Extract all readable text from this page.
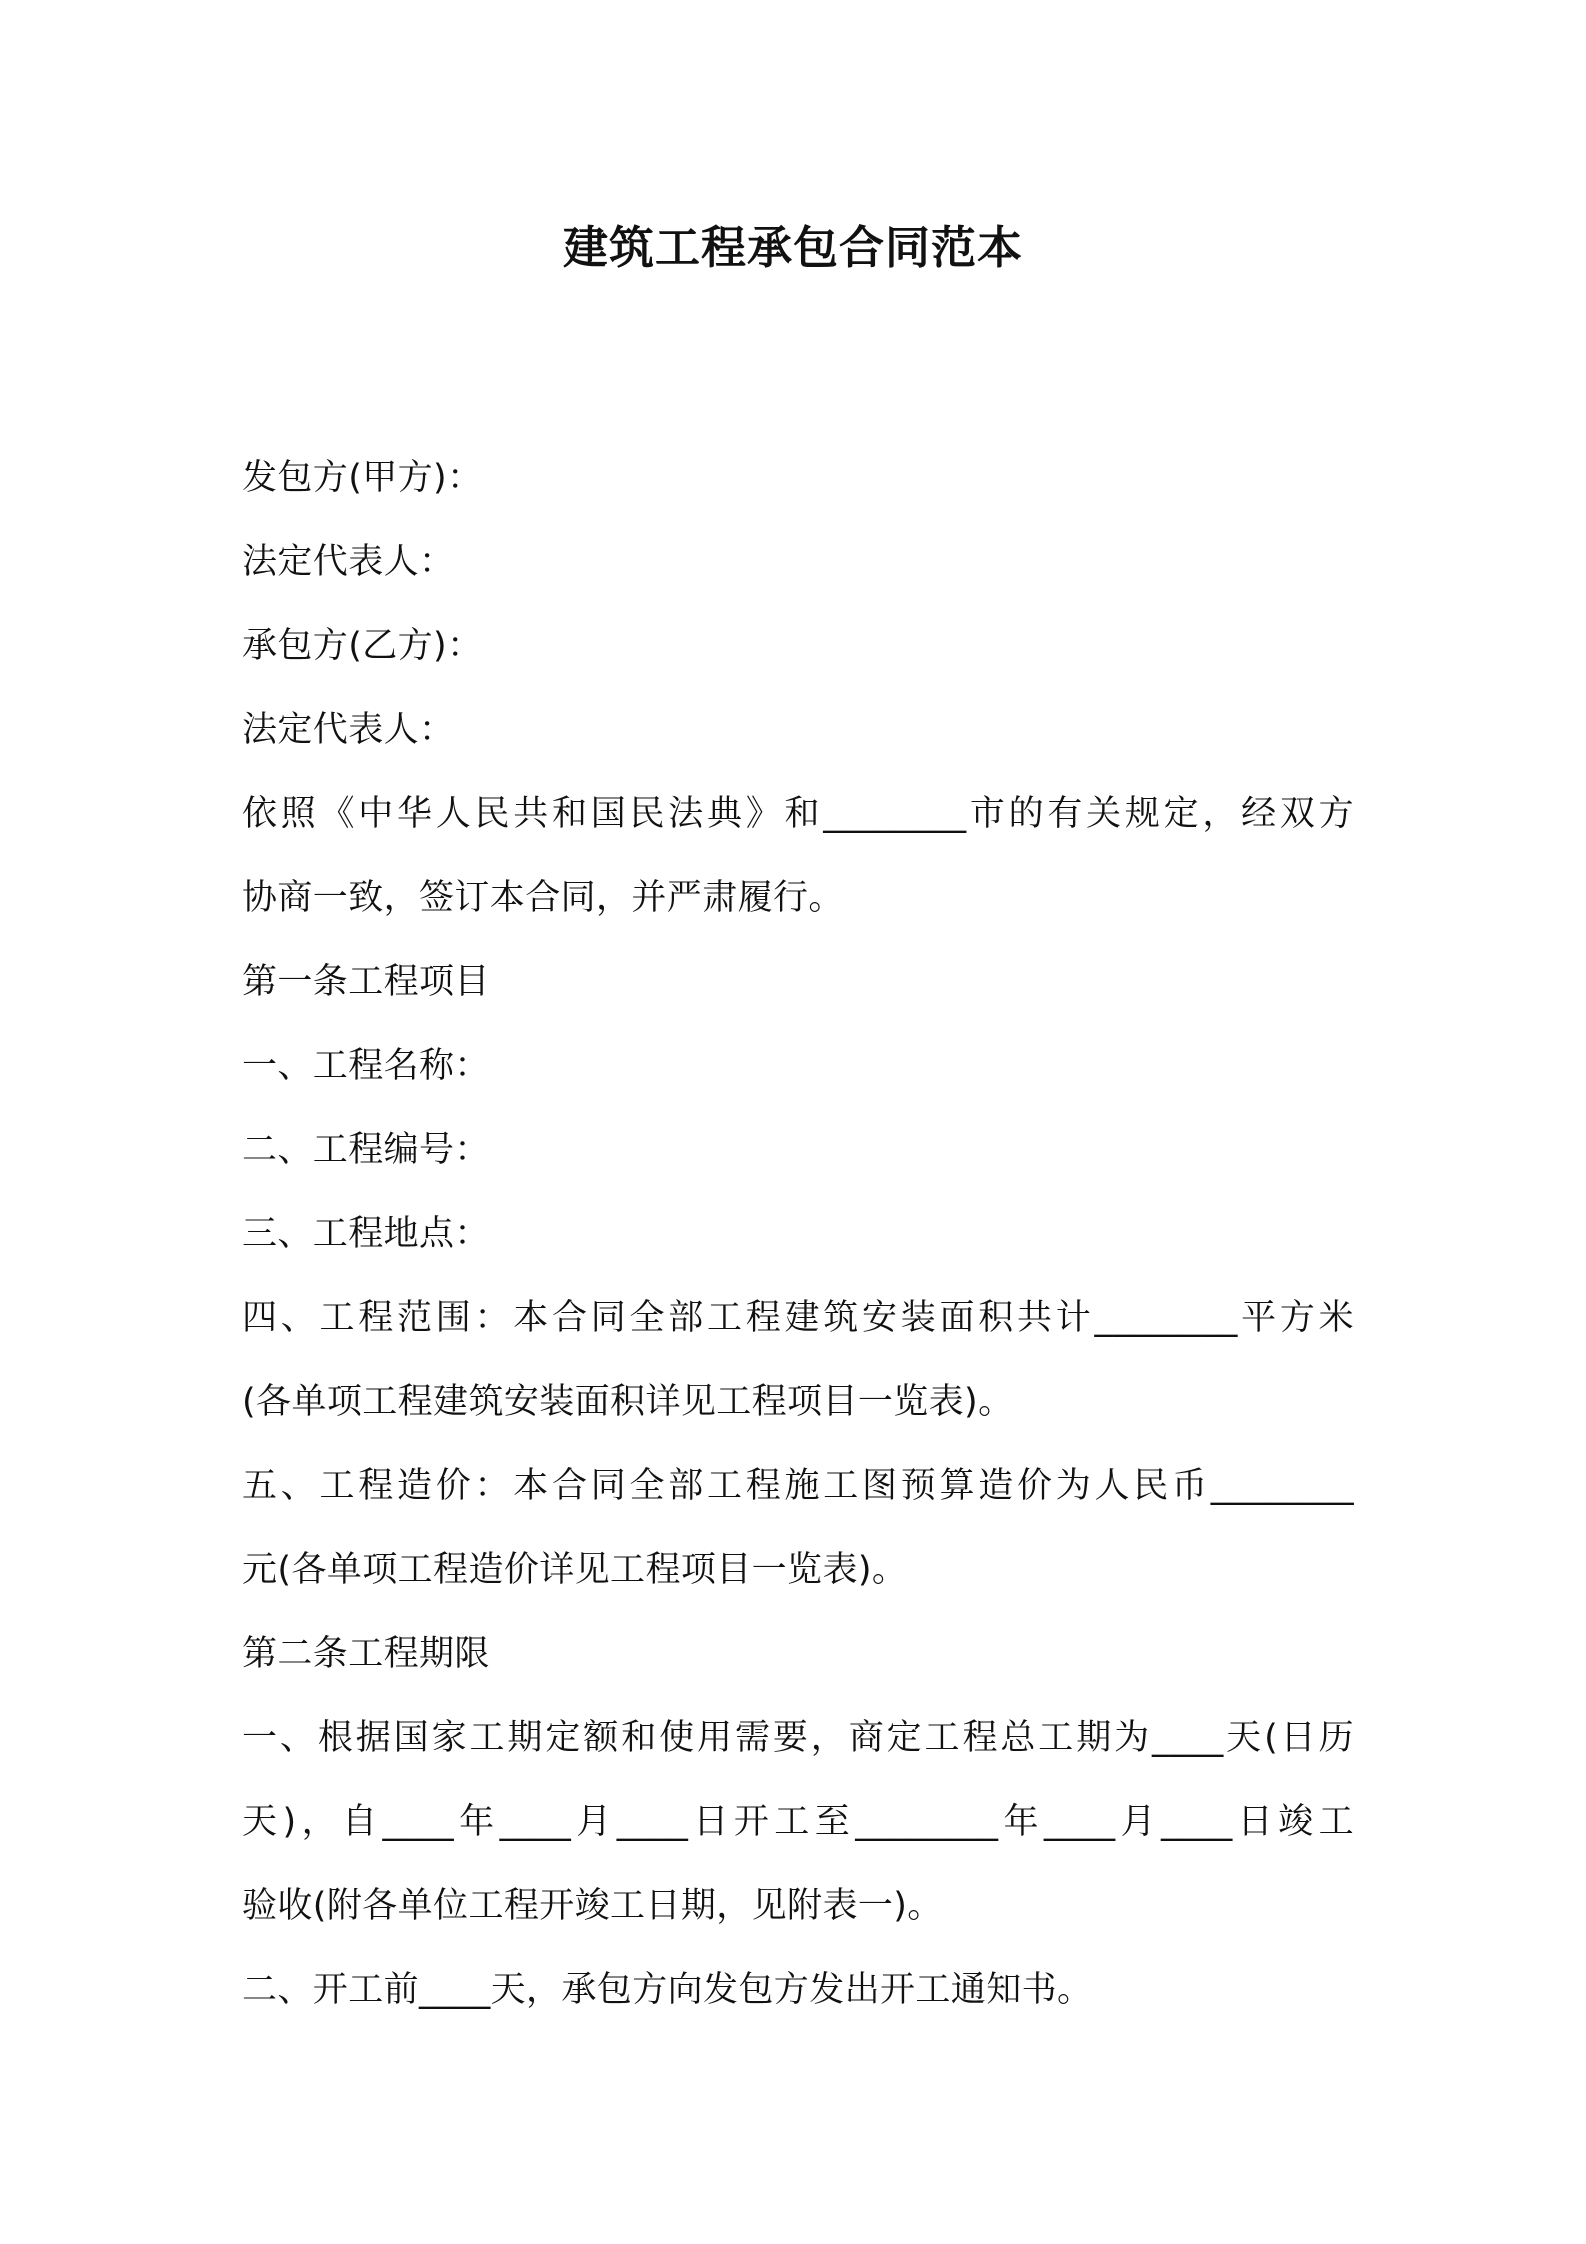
建筑工程承包合同范本
发包方(甲方)：
法定代表人：
承包方(乙方)：
法定代表人：
依照《中华人民共和国民法典》和________市的有关规定，经双方
协商一致，签订本合同，并严肃履行。
第一条工程项目
一、工程名称：
二、工程编号：
三、工程地点：
四、工程范围：本合同全部工程建筑安装面积共计________平方米
(各单项工程建筑安装面积详见工程项目一览表)。
五、工程造价：本合同全部工程施工图预算造价为人民币________
元(各单项工程造价详见工程项目一览表)。
第二条工程期限
一、根据国家工期定额和使用需要，商定工程总工期为____天(日历
天)，自____年____月____日开工至________年____月____日竣工
验收(附各单位工程开竣工日期，见附表一)。
二、开工前____天，承包方向发包方发出开工通知书。
